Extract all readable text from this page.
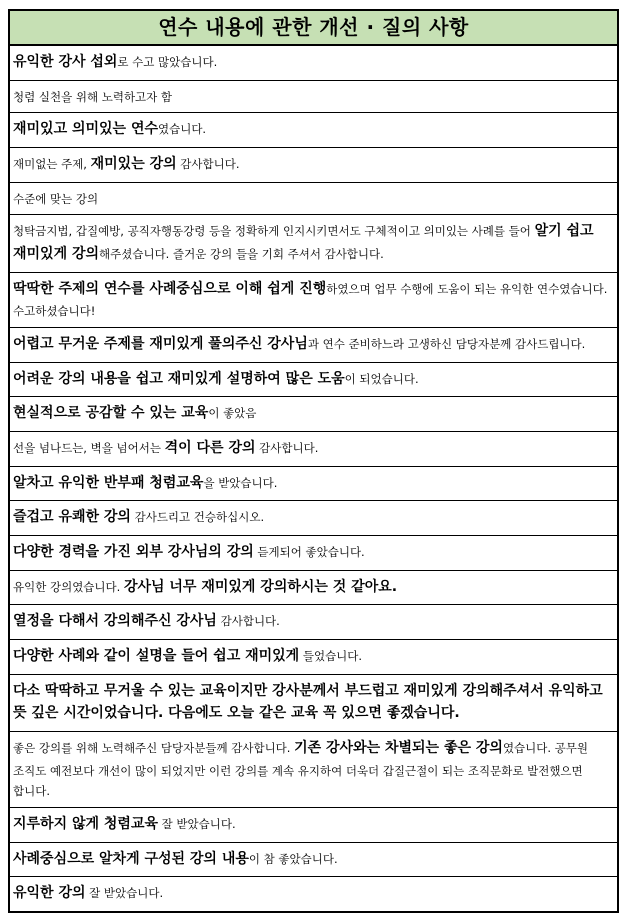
연수 내용에 관한 개선 · 질의 사항
유익한 강사 섭외로 수고 많았습니다.
청렴 실천을 위해 노력하고자 함
재미있고 의미있는 연수였습니다.
재미없는 주제, 재미있는 강의 감사합니다.
수준에 맞는 강의
청탁금지법, 갑질예방, 공직자행동강령 등을 정확하게 인지시키면서도 구체적이고 의미있는 사례를 들어 알기 쉽고 재미있게 강의해주셨습니다. 즐거운 강의 들을 기회 주셔서 감사합니다.
딱딱한 주제의 연수를 사례중심으로 이해 쉽게 진행하였으며 업무 수행에 도움이 되는 유익한 연수였습니다. 수고하셨습니다!
어렵고 무거운 주제를 재미있게 풀의주신 강사님과 연수 준비하느라 고생하신 담당자분께 감사드립니다.
어려운 강의 내용을 쉽고 재미있게 설명하여 많은 도움이 되었습니다.
현실적으로 공감할 수 있는 교육이 좋았음
선을 넘나드는, 벽을 넘어서는 격이 다른 강의 감사합니다.
알차고 유익한 반부패 청렴교육을 받았습니다.
즐겁고 유쾌한 강의 감사드리고 건승하십시오.
다양한 경력을 가진 외부 강사님의 강의 듣게되어 좋았습니다.
유익한 강의였습니다. 강사님 너무 재미있게 강의하시는 것 같아요.
열정을 다해서 강의해주신 강사님 감사합니다.
다양한 사례와 같이 설명을 들어 쉽고 재미있게 들었습니다.
다소 딱딱하고 무거울 수 있는 교육이지만 강사분께서 부드럽고 재미있게 강의해주셔서 유익하고 뜻 깊은 시간이었습니다. 다음에도 오늘 같은 교육 꼭 있으면 좋겠습니다.
좋은 강의를 위해 노력해주신 담당자분들께 감사합니다. 기존 강사와는 차별되는 좋은 강의였습니다. 공무원 조직도 예전보다 개선이 많이 되었지만 이런 강의를 계속 유지하여 더욱더 갑질근절이 되는 조직문화로 발전했으면 합니다.
지루하지 않게 청렴교육 잘 받았습니다.
사례중심으로 알차게 구성된 강의 내용이 참 좋았습니다.
유익한 강의 잘 받았습니다.
